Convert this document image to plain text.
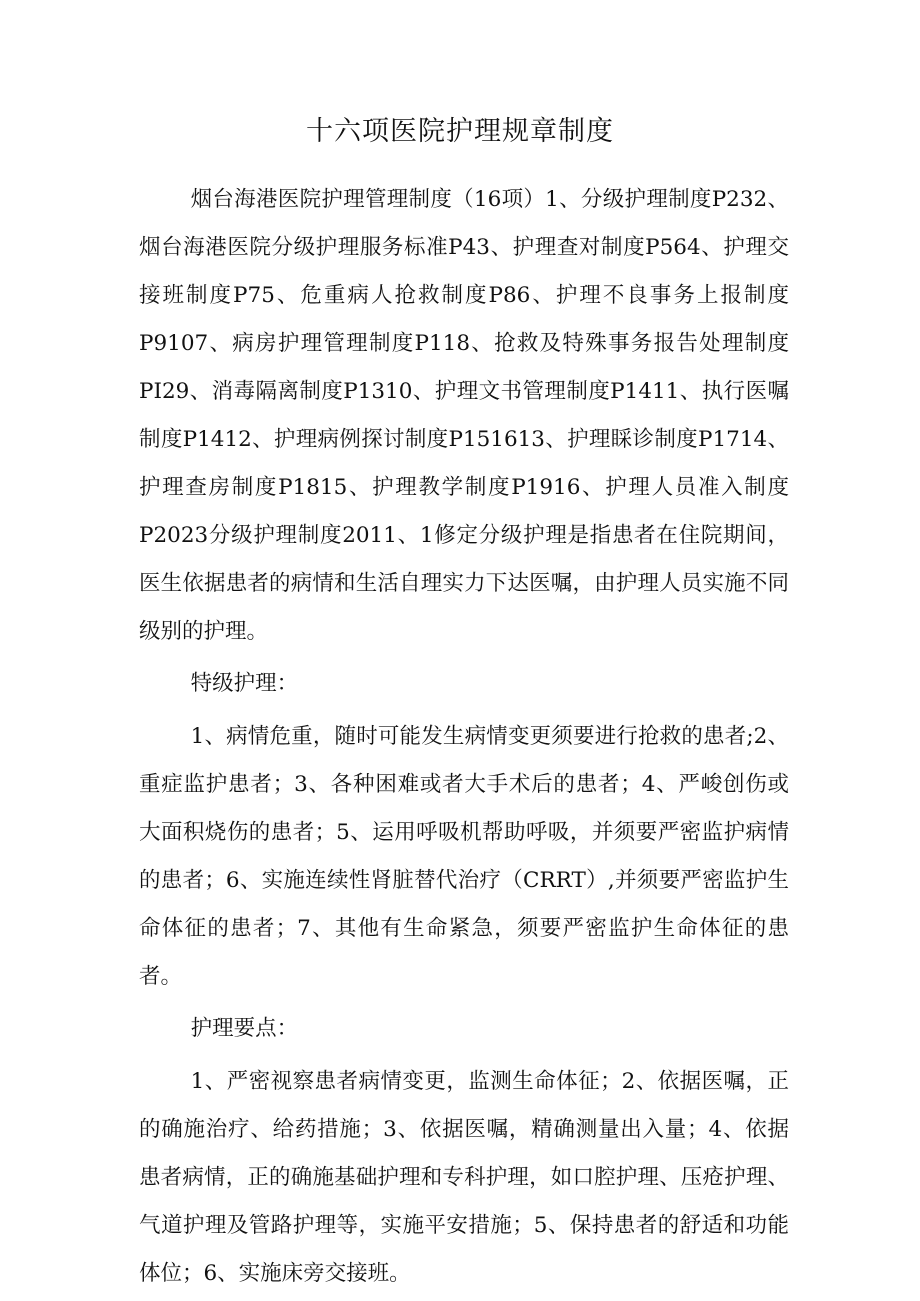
十六项医院护理规章制度

烟台海港医院护理管理制度（16项）1、分级护理制度P232、烟台海港医院分级护理服务标准P43、护理查对制度P564、护理交接班制度P75、危重病人抢救制度P86、护理不良事务上报制度P9107、病房护理管理制度P118、抢救及特殊事务报告处理制度PI29、消毒隔离制度P1310、护理文书管理制度P1411、执行医嘱制度P1412、护理病例探讨制度P151613、护理睬诊制度P1714、护理查房制度P1815、护理教学制度P1916、护理人员准入制度P2023分级护理制度2011、1修定分级护理是指患者在住院期间，医生依据患者的病情和生活自理实力下达医嘱，由护理人员实施不同级别的护理。

特级护理：

1、病情危重，随时可能发生病情变更须要进行抢救的患者;2、重症监护患者；3、各种困难或者大手术后的患者；4、严峻创伤或大面积烧伤的患者；5、运用呼吸机帮助呼吸，并须要严密监护病情的患者；6、实施连续性肾脏替代治疗（CRRT）,并须要严密监护生命体征的患者；7、其他有生命紧急，须要严密监护生命体征的患者。

护理要点：

1、严密视察患者病情变更，监测生命体征；2、依据医嘱，正的确施治疗、给药措施；3、依据医嘱，精确测量出入量；4、依据患者病情，正的确施基础护理和专科护理，如口腔护理、压疮护理、气道护理及管路护理等，实施平安措施；5、保持患者的舒适和功能体位；6、实施床旁交接班。
